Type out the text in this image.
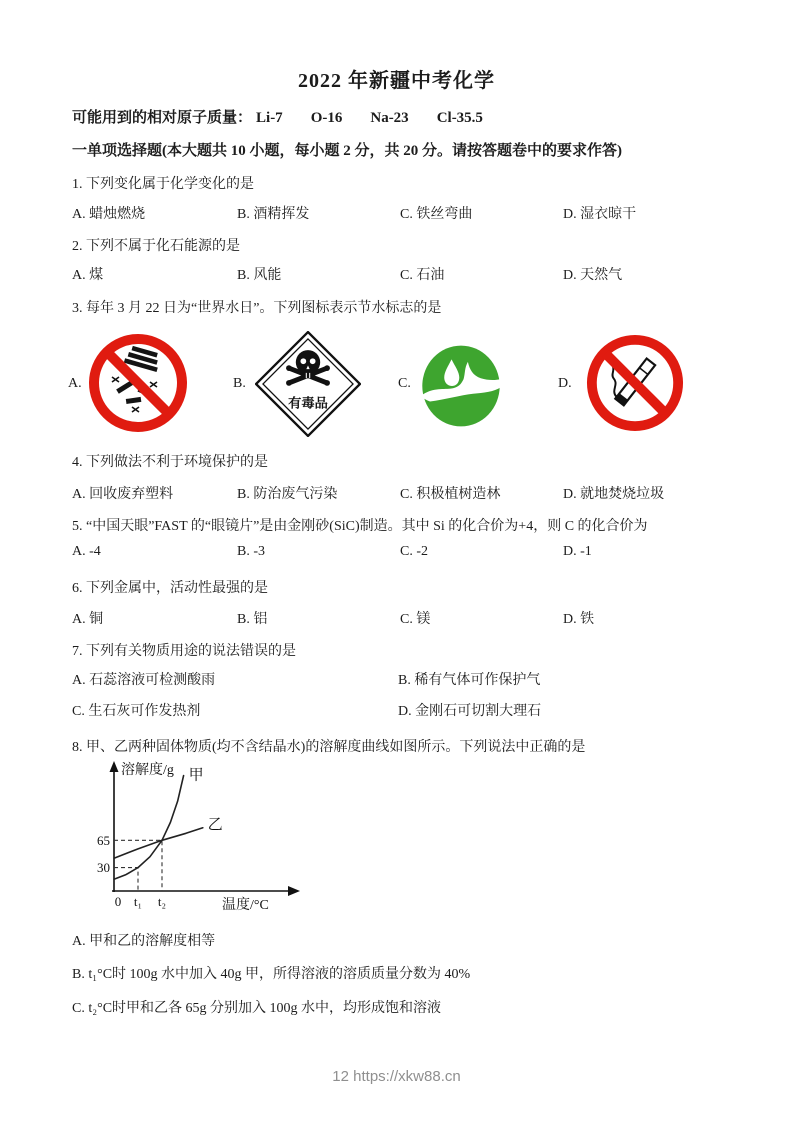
2022 年新疆中考化学
可能用到的相对原子质量： Li-7 O-16 Na-23 Cl-35.5
一单项选择题(本大题共 10 小题，每小题 2 分，共 20 分。请按答题卷中的要求作答)
1. 下列变化属于化学变化的是
A. 蜡烛燃烧	B. 酒精挥发	C. 铁丝弯曲	D. 湿衣晾干
2. 下列不属于化石能源的是
A. 煤	B. 风能	C. 石油	D. 天然气
3. 每年 3 月 22 日为“世界水日”。下列图标表示节水标志的是
A.	B.	C.	D.
有毒品
4. 下列做法不利于环境保护的是
A. 回收废弃塑料	B. 防治废气污染	C. 积极植树造林	D. 就地焚烧垃圾
5. “中国天眼”FAST 的“眼镜片”是由金刚砂(SiC)制造。其中 Si 的化合价为+4，则 C 的化合价为
A. -4	B. -3	C. -2	D. -1
6. 下列金属中，活动性最强的是
A. 铜	B. 铝	C. 镁	D. 铁
7. 下列有关物质用途的说法错误的是
A. 石蕊溶液可检测酸雨	B. 稀有气体可作保护气
C. 生石灰可作发热剂	D. 金刚石可切割大理石
8. 甲、乙两种固体物质(均不含结晶水)的溶解度曲线如图所示。下列说法中正确的是
溶解度/g
温度/°C
65
30
0 t₁ t₂
甲
乙
A. 甲和乙的溶解度相等
B. t₁°C时 100g 水中加入 40g 甲，所得溶液的溶质质量分数为 40%
C. t₂°C时甲和乙各 65g 分别加入 100g 水中，均形成饱和溶液
12 https://xkw88.cn
